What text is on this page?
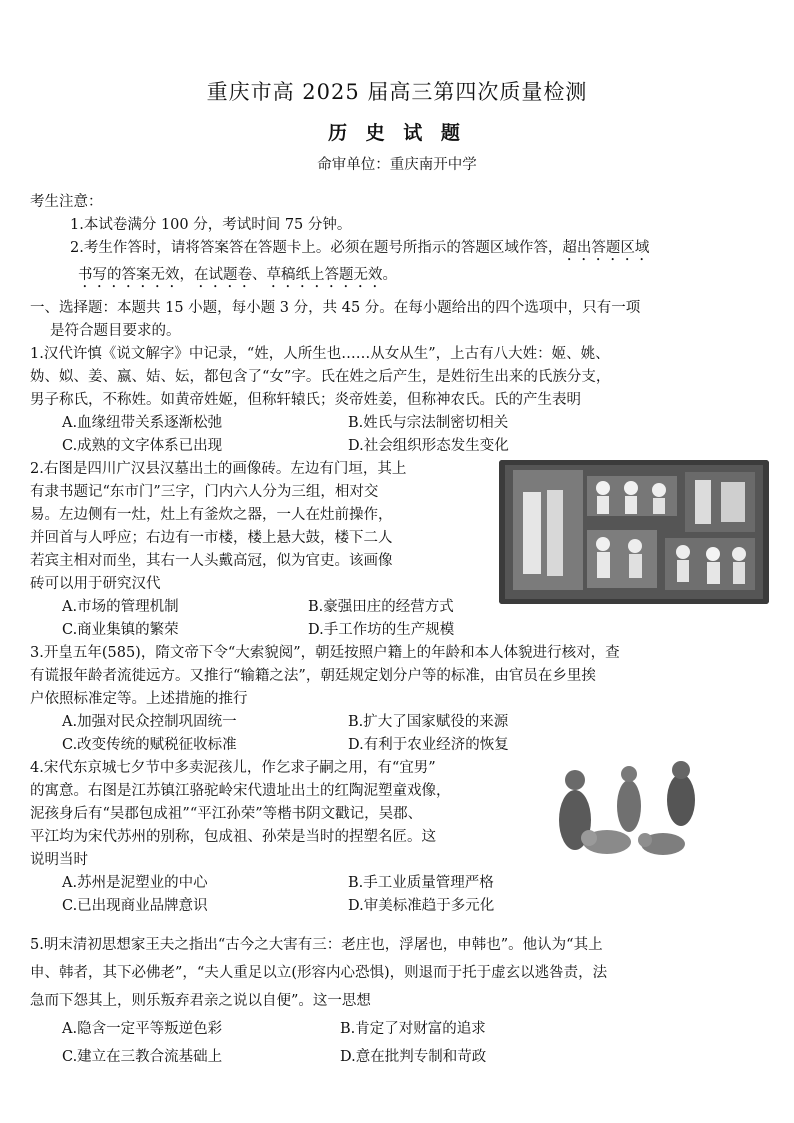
重庆市高 2025 届高三第四次质量检测
历 史 试 题
命审单位：重庆南开中学
考生注意：
1.本试卷满分 100 分，考试时间 75 分钟。
2.考生作答时，请将答案答在答题卡上。必须在题号所指示的答题区域作答，超出答题区域
书写的答案无效，在试题卷、草稿纸上答题无效。
一、选择题：本题共 15 小题，每小题 3 分，共 45 分。在每小题给出的四个选项中，只有一项
是符合题目要求的。
1.汉代许慎《说文解字》中记录，“姓，人所生也……从女从生”，上古有八大姓：姬、姚、
妫、姒、姜、嬴、姞、妘，都包含了“女”字。氏在姓之后产生，是姓衍生出来的氏族分支，
男子称氏，不称姓。如黄帝姓姬，但称轩辕氏；炎帝姓姜，但称神农氏。氏的产生表明
A.血缘纽带关系逐渐松弛	B.姓氏与宗法制密切相关
C.成熟的文字体系已出现	D.社会组织形态发生变化
2.右图是四川广汉县汉墓出土的画像砖。左边有门垣，其上
有隶书题记“东市门”三字，门内六人分为三组，相对交
易。左边侧有一灶，灶上有釜炊之器，一人在灶前操作，
并回首与人呼应；右边有一市楼，楼上悬大鼓，楼下二人
若宾主相对而坐，其右一人头戴高冠，似为官吏。该画像
砖可以用于研究汉代
A.市场的管理机制	B.豪强田庄的经营方式
C.商业集镇的繁荣	D.手工作坊的生产规模
3.开皇五年(585)，隋文帝下令“大索貌阅”，朝廷按照户籍上的年龄和本人体貌进行核对，查
有谎报年龄者流徙远方。又推行“输籍之法”，朝廷规定划分户等的标准，由官员在乡里挨
户依照标准定等。上述措施的推行
A.加强对民众控制巩固统一	B.扩大了国家赋役的来源
C.改变传统的赋税征收标准	D.有利于农业经济的恢复
4.宋代东京城七夕节中多卖泥孩儿，作乞求子嗣之用，有“宜男”
的寓意。右图是江苏镇江骆驼岭宋代遗址出土的红陶泥塑童戏像，
泥孩身后有“吴郡包成祖”“平江孙荣”等楷书阴文戳记，吴郡、
平江均为宋代苏州的别称，包成祖、孙荣是当时的捏塑名匠。这
说明当时
A.苏州是泥塑业的中心	B.手工业质量管理严格
C.已出现商业品牌意识	D.审美标准趋于多元化
5.明末清初思想家王夫之指出“古今之大害有三：老庄也，浮屠也，申韩也”。他认为“其上
申、韩者，其下必佛老”，“夫人重足以立(形容内心恐惧)，则退而于托于虚玄以逃咎责，法
急而下怨其上，则乐叛弃君亲之说以自便”。这一思想
A.隐含一定平等叛逆色彩	B.肯定了对财富的追求
C.建立在三教合流基础上	D.意在批判专制和苛政
